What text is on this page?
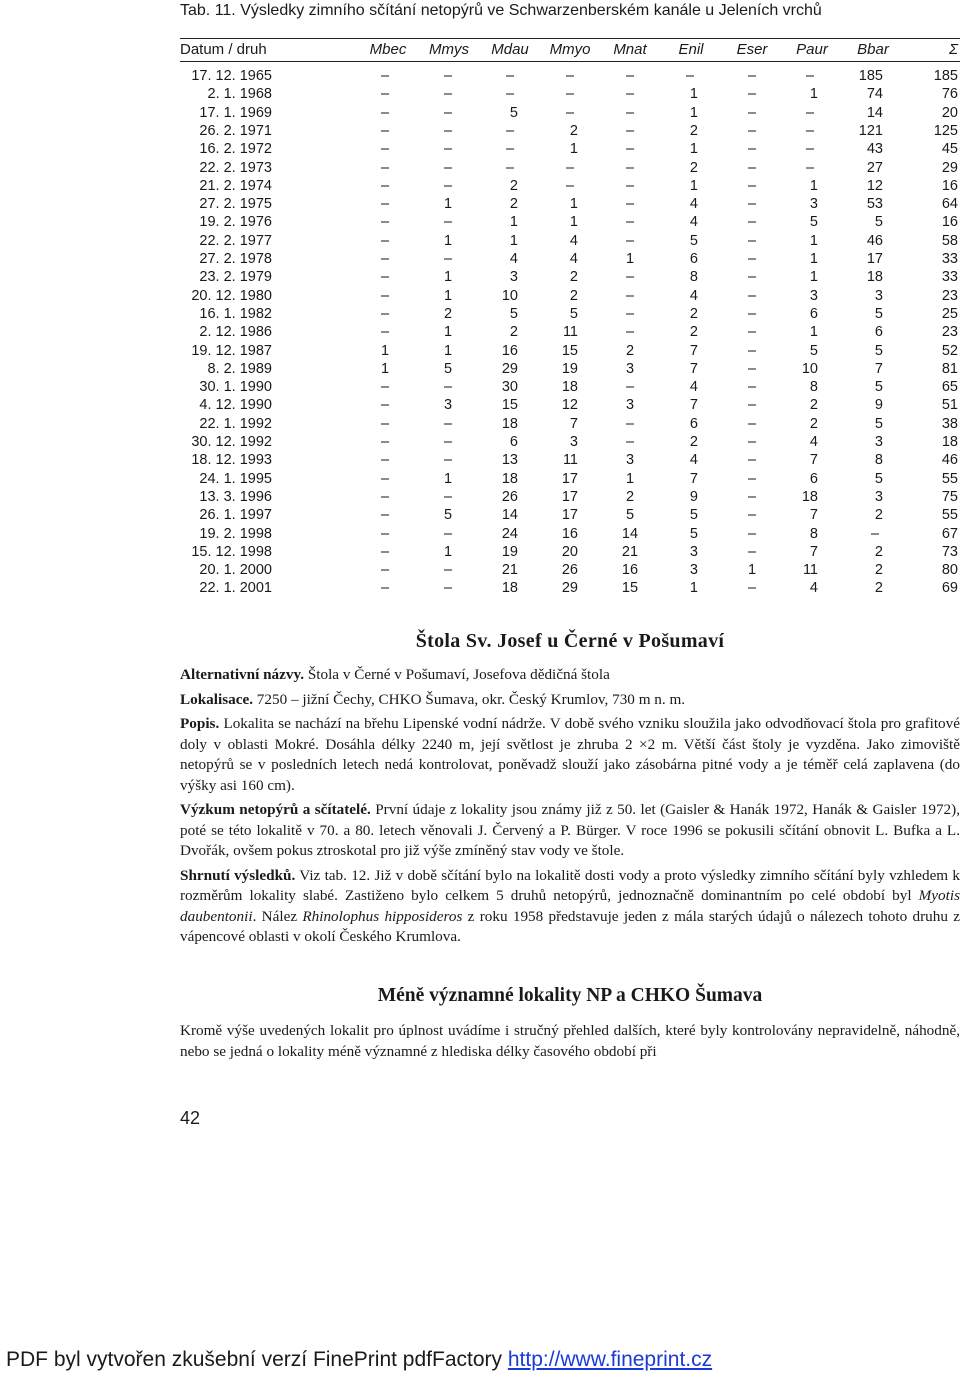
Tab. 11. Výsledky zimního sčítání netopýrů ve Schwarzenberském kanále u Jeleních vrchů
Datum / druh	Mbec	Mmys	Mdau	Mmyo	Mnat	Enil	Eser	Paur	Bbar	Σ
17. 12. 1965	–	–	–	–	–	–	–	–	185	185
2. 1. 1968	–	–	–	–	–	1	–	1	74	76
17. 1. 1969	–	–	5	–	–	1	–	–	14	20
26. 2. 1971	–	–	–	2	–	2	–	–	121	125
16. 2. 1972	–	–	–	1	–	1	–	–	43	45
22. 2. 1973	–	–	–	–	–	2	–	–	27	29
21. 2. 1974	–	–	2	–	–	1	–	1	12	16
27. 2. 1975	–	1	2	1	–	4	–	3	53	64
19. 2. 1976	–	–	1	1	–	4	–	5	5	16
22. 2. 1977	–	1	1	4	–	5	–	1	46	58
27. 2. 1978	–	–	4	4	1	6	–	1	17	33
23. 2. 1979	–	1	3	2	–	8	–	1	18	33
20. 12. 1980	–	1	10	2	–	4	–	3	3	23
16. 1. 1982	–	2	5	5	–	2	–	6	5	25
2. 12. 1986	–	1	2	11	–	2	–	1	6	23
19. 12. 1987	1	1	16	15	2	7	–	5	5	52
8. 2. 1989	1	5	29	19	3	7	–	10	7	81
30. 1. 1990	–	–	30	18	–	4	–	8	5	65
4. 12. 1990	–	3	15	12	3	7	–	2	9	51
22. 1. 1992	–	–	18	7	–	6	–	2	5	38
30. 12. 1992	–	–	6	3	–	2	–	4	3	18
18. 12. 1993	–	–	13	11	3	4	–	7	8	46
24. 1. 1995	–	1	18	17	1	7	–	6	5	55
13. 3. 1996	–	–	26	17	2	9	–	18	3	75
26. 1. 1997	–	5	14	17	5	5	–	7	2	55
19. 2. 1998	–	–	24	16	14	5	–	8	–	67
15. 12. 1998	–	1	19	20	21	3	–	7	2	73
20. 1. 2000	–	–	21	26	16	3	1	11	2	80
22. 1. 2001	–	–	18	29	15	1	–	4	2	69
Štola Sv. Josef u Černé v Pošumaví

Alternativní názvy. Štola v Černé v Pošumaví, Josefova dědičná štola

Lokalisace. 7250 – jižní Čechy, CHKO Šumava, okr. Český Krumlov, 730 m n. m.

Popis. Lokalita se nachází na břehu Lipenské vodní nádrže. V době svého vzniku sloužila jako odvodňovací štola pro grafitové doly v oblasti Mokré. Dosáhla délky 2240 m, její světlost je zhruba 2 ×2 m. Větší část štoly je vyzděna. Jako zimoviště netopýrů se v posledních letech nedá kontrolovat, poněvadž slouží jako zásobárna pitné vody a je téměř celá zaplavena (do výšky asi 160 cm).

Výzkum netopýrů a sčítatelé. První údaje z lokality jsou známy již z 50. let (Gaisler & Hanák 1972, Hanák & Gaisler 1972), poté se této lokalitě v 70. a 80. letech věnovali J. Červený a P. Bürger. V roce 1996 se pokusili sčítání obnovit L. Bufka a L. Dvořák, ovšem pokus ztroskotal pro již výše zmíněný stav vody ve štole.

Shrnutí výsledků. Viz tab. 12. Již v době sčítání bylo na lokalitě dosti vody a proto výsledky zimního sčítání byly vzhledem k rozměrům lokality slabé. Zastiženo bylo celkem 5 druhů netopýrů, jednoznačně dominantním po celé období byl Myotis daubentonii. Nález Rhinolophus hipposideros z roku 1958 představuje jeden z mála starých údajů o nálezech tohoto druhu z vápencové oblasti v okolí Českého Krumlova.

Méně významné lokality NP a CHKO Šumava

Kromě výše uvedených lokalit pro úplnost uvádíme i stručný přehled dalších, které byly kontrolovány nepravidelně, náhodně, nebo se jedná o lokality méně významné z hlediska délky časového období při

42
PDF byl vytvořen zkušební verzí FinePrint pdfFactory http://www.fineprint.cz
